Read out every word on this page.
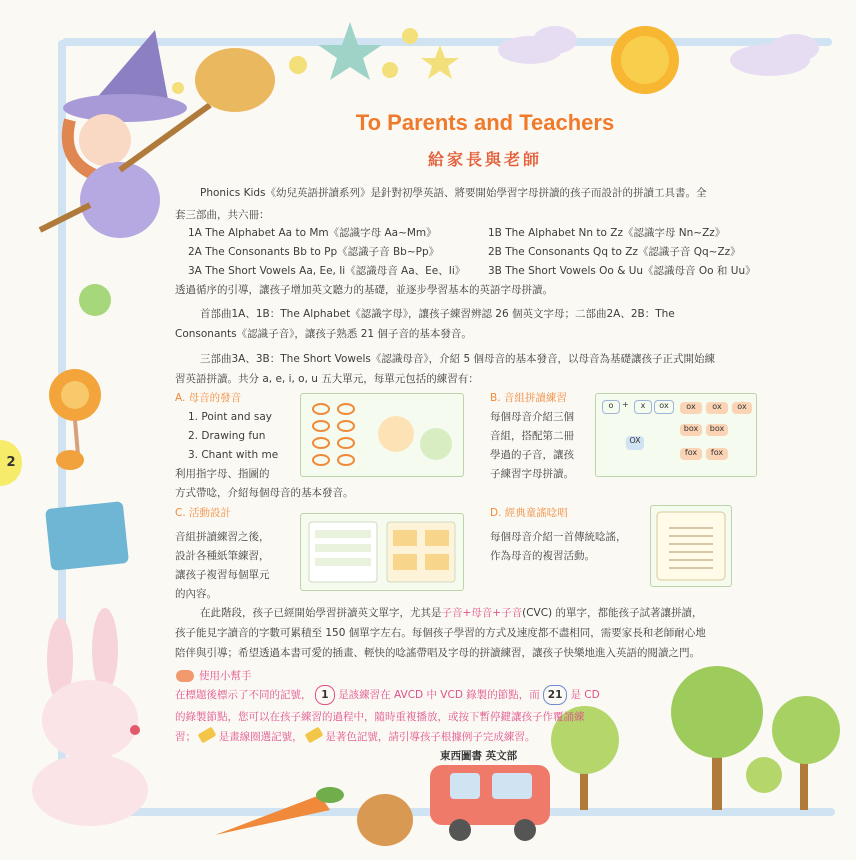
2
To Parents and Teachers
給家長與老師
Phonics Kids《幼兒英語拼讀系列》是針對初學英語、將要開始學習字母拼讀的孩子而設計的拼讀工具書。全
套三部曲，共六冊：
1A The Alphabet Aa to Mm《認識字母 Aa~Mm》	1B The Alphabet Nn to Zz《認識字母 Nn~Zz》
2A The Consonants Bb to Pp《認識子音 Bb~Pp》	2B The Consonants Qq to Zz《認識子音 Qq~Zz》
3A The Short Vowels Aa, Ee, Ii《認識母音 Aa、Ee、Ii》 3B The Short Vowels Oo & Uu《認識母音 Oo 和 Uu》
透過循序的引導，讓孩子增加英文聽力的基礎，並逐步學習基本的英語字母拼讀。
首部曲1A、1B：The Alphabet《認識字母》，讓孩子練習辨認 26 個英文字母；二部曲2A、2B：The
Consonants《認識子音》，讓孩子熟悉 21 個子音的基本發音。
三部曲3A、3B：The Short Vowels《認識母音》，介紹 5 個母音的基本發音，以母音為基礎讓孩子正式開始練
習英語拼讀。共分 a, e, i, o, u 五大單元，每單元包括的練習有：
A. 母音的發音
1. Point and say
2. Drawing fun
3. Chant with me
利用指字母、指圖的
方式帶唸，介紹每個母音的基本發音。
B. 音組拼讀練習
每個母音介紹三個
音組，搭配第二冊
學過的子音，讓孩
子練習字母拼讀。
o	+	x	ox	ox	ox	ox
box
fox
OX
box
fox
C. 活動設計
音組拼讀練習之後，
設計各種紙筆練習，
讓孩子複習每個單元
的內容。
D. 經典童謠唸唱
每個母音介紹一首傳統唸謠，
作為母音的複習活動。
在此階段，孩子已經開始學習拼讀英文單字，尤其是子音+母音+子音(CVC) 的單字，都能孩子試著讓拼讀，
孩子能見字讀音的字數可累積至 150 個單字左右。每個孩子學習的方式及速度都不盡相同，需要家長和老師耐心地
陪伴與引導；希望透過本書可愛的插畫、輕快的唸謠帶唱及字母的拼讀練習，讓孩子快樂地進入英語的閱讀之門。
使用小幫手
在標題後標示了不同的記號， 1 是該練習在 AVCD 中 VCD 錄製的節點，而 21 是 CD
的錄製節點，您可以在孩子練習的過程中，隨時重複播放，或按下暫停鍵讓孩子作覆誦練
習； 是畫線圈選記號， 是著色記號，請引導孩子根據例子完成練習。
東西圖書 英文部
